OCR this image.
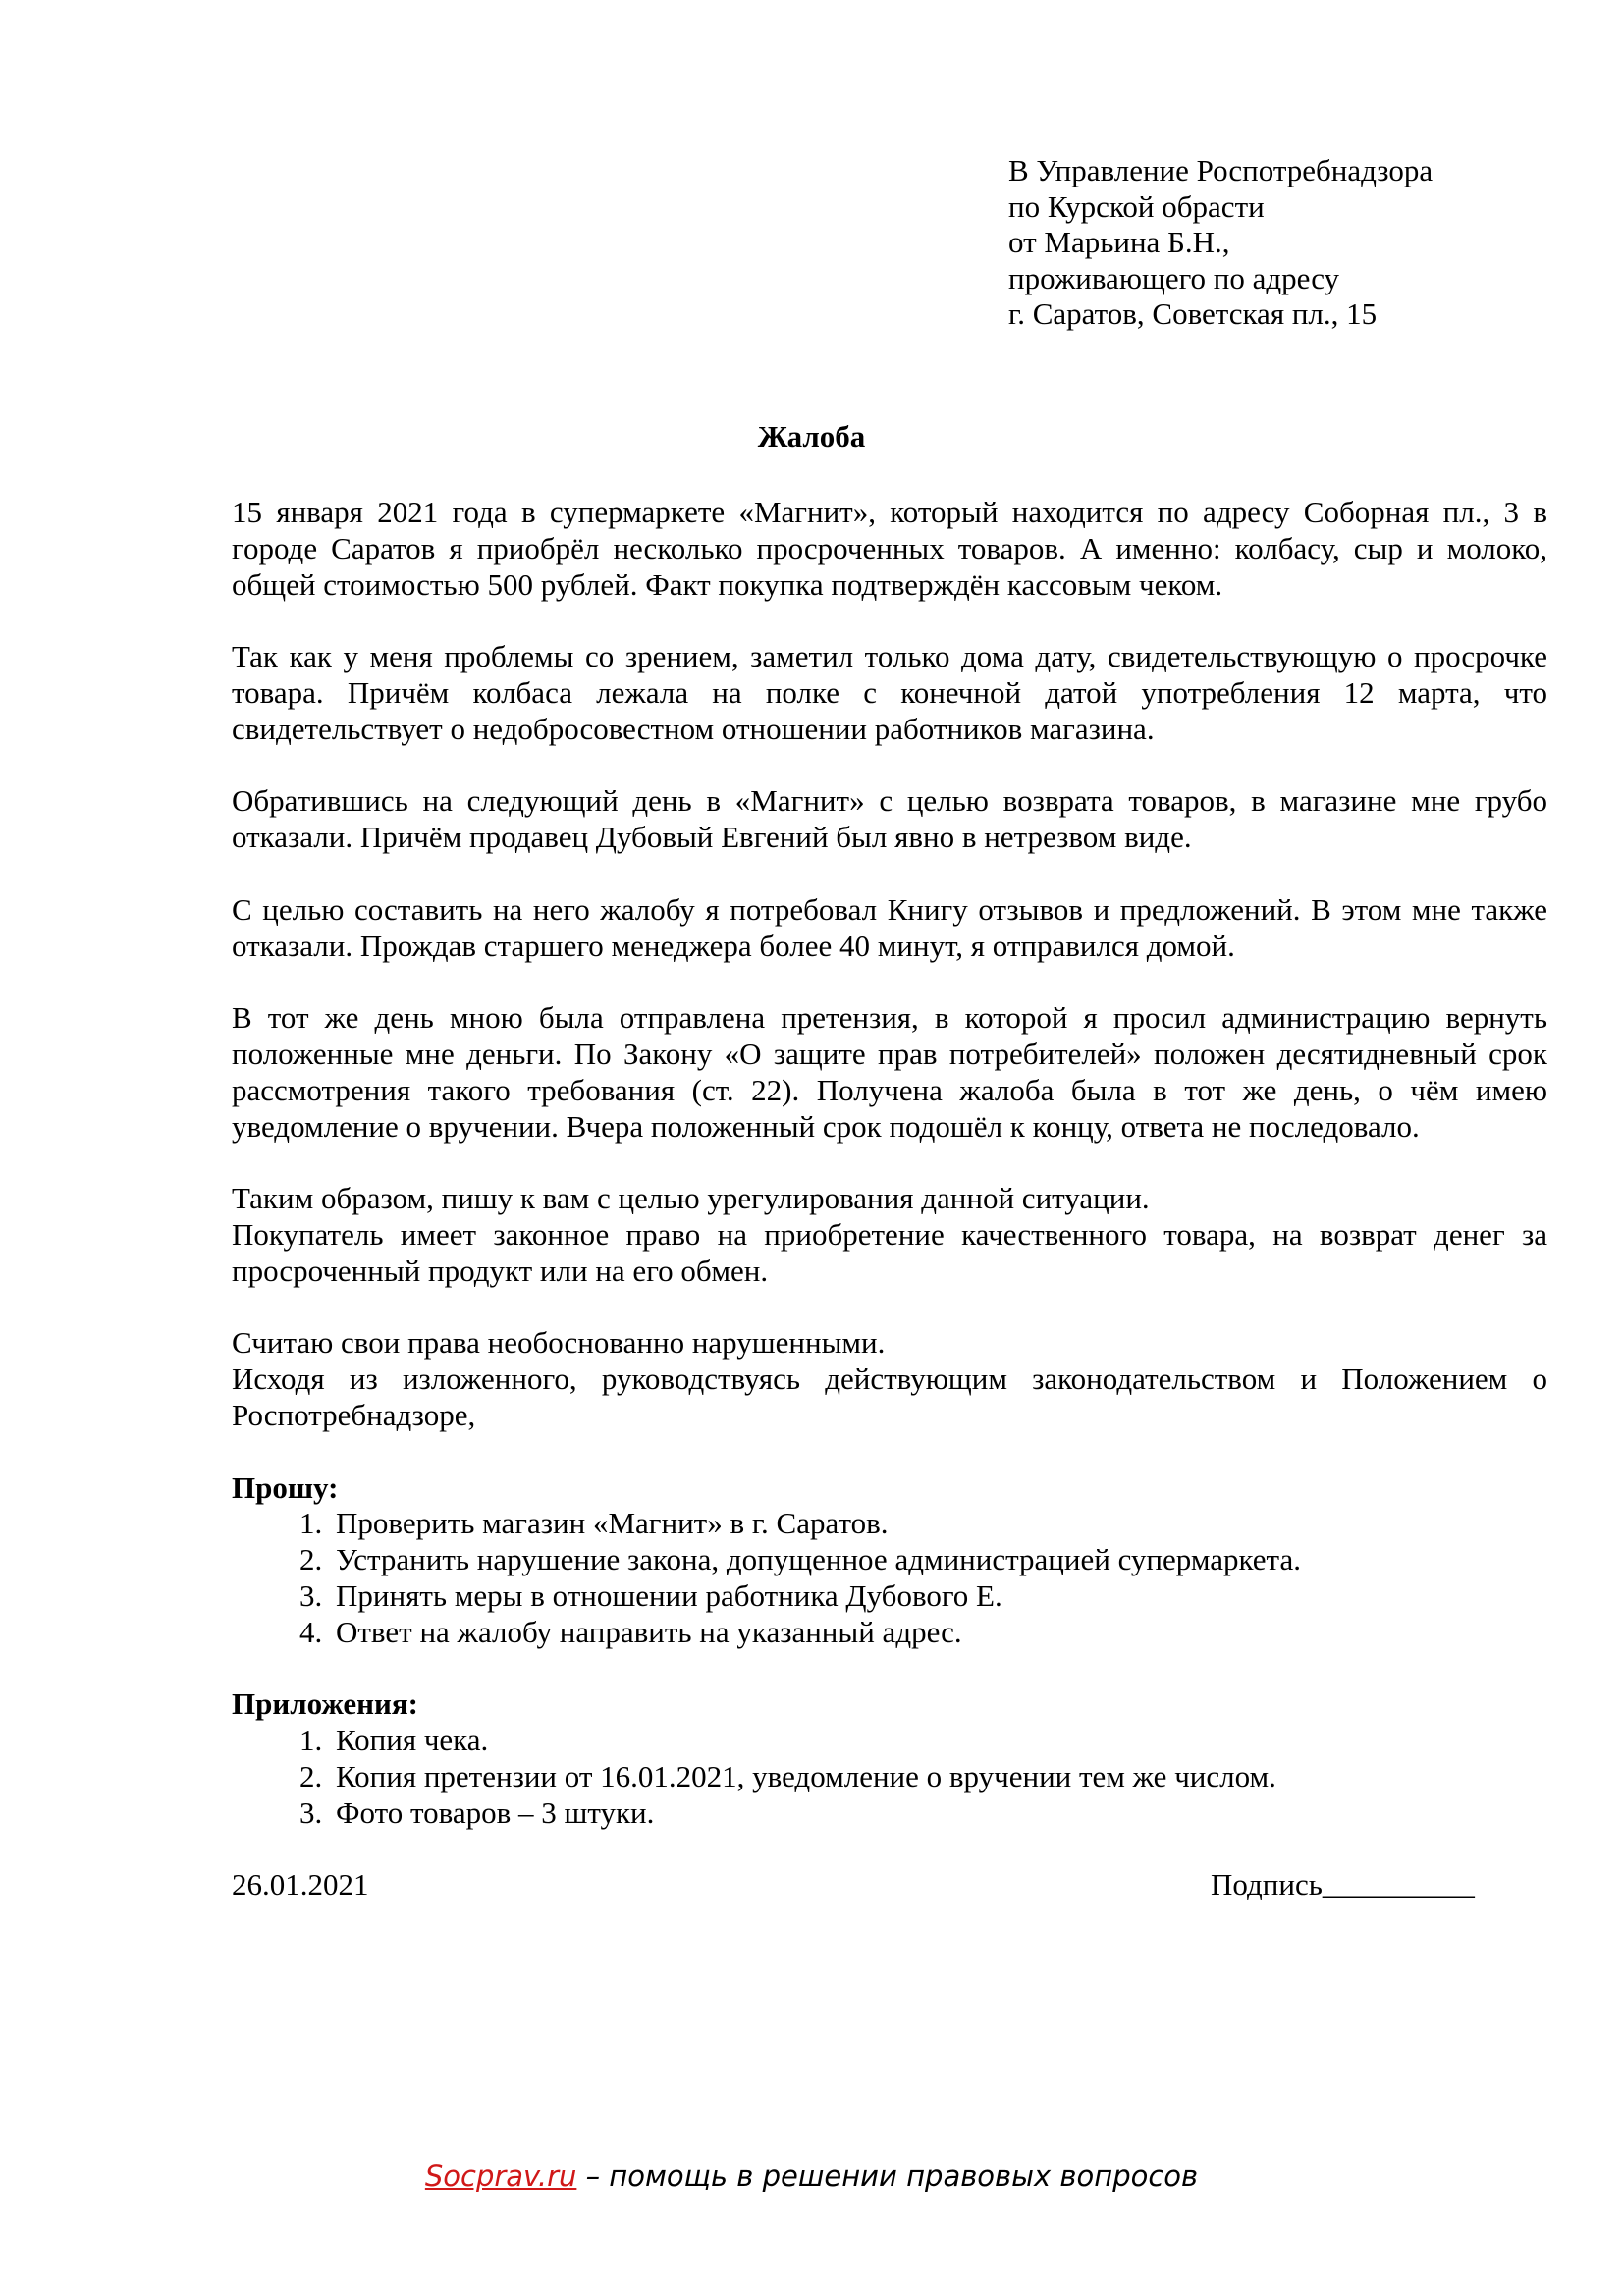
В Управление Роспотребнадзора
по Курской обрасти
от Марьина Б.Н.,
проживающего по адресу
г. Саратов, Советская пл., 15
Жалоба

15 января 2021 года в супермаркете «Магнит», который находится по адресу Соборная пл., 3 в городе Саратов я приобрёл несколько просроченных товаров. А именно: колбасу, сыр и молоко, общей стоимостью 500 рублей. Факт покупка подтверждён кассовым чеком.

Так как у меня проблемы со зрением, заметил только дома дату, свидетельствующую о просрочке товара. Причём колбаса лежала на полке с конечной датой употребления 12 марта, что свидетельствует о недобросовестном отношении работников магазина.

Обратившись на следующий день в «Магнит» с целью возврата товаров, в магазине мне грубо отказали. Причём продавец Дубовый Евгений был явно в нетрезвом виде.

С целью составить на него жалобу я потребовал Книгу отзывов и предложений. В этом мне также отказали. Прождав старшего менеджера более 40 минут, я отправился домой.

В тот же день мною была отправлена претензия, в которой я просил администрацию вернуть положенные мне деньги. По Закону «О защите прав потребителей» положен десятидневный срок рассмотрения такого требования (ст. 22). Получена жалоба была в тот же день, о чём имею уведомление о вручении. Вчера положенный срок подошёл к концу, ответа не последовало.

Таким образом, пишу к вам с целью урегулирования данной ситуации.

Покупатель имеет законное право на приобретение качественного товара, на возврат денег за просроченный продукт или на его обмен.

Считаю свои права необоснованно нарушенными.

Исходя из изложенного, руководствуясь действующим законодательством и Положением о Роспотребнадзоре,

Прошу:

1. Проверить магазин «Магнит» в г. Саратов.
2. Устранить нарушение закона, допущенное администрацией супермаркета.
3. Принять меры в отношении работника Дубового Е.
4. Ответ на жалобу направить на указанный адрес.

Приложения:

1. Копия чека.
2. Копия претензии от 16.01.2021, уведомление о вручении тем же числом.
3. Фото товаров – 3 штуки.
26.01.2021	Подпись__________
Socprav.ru – помощь в решении правовых вопросов
